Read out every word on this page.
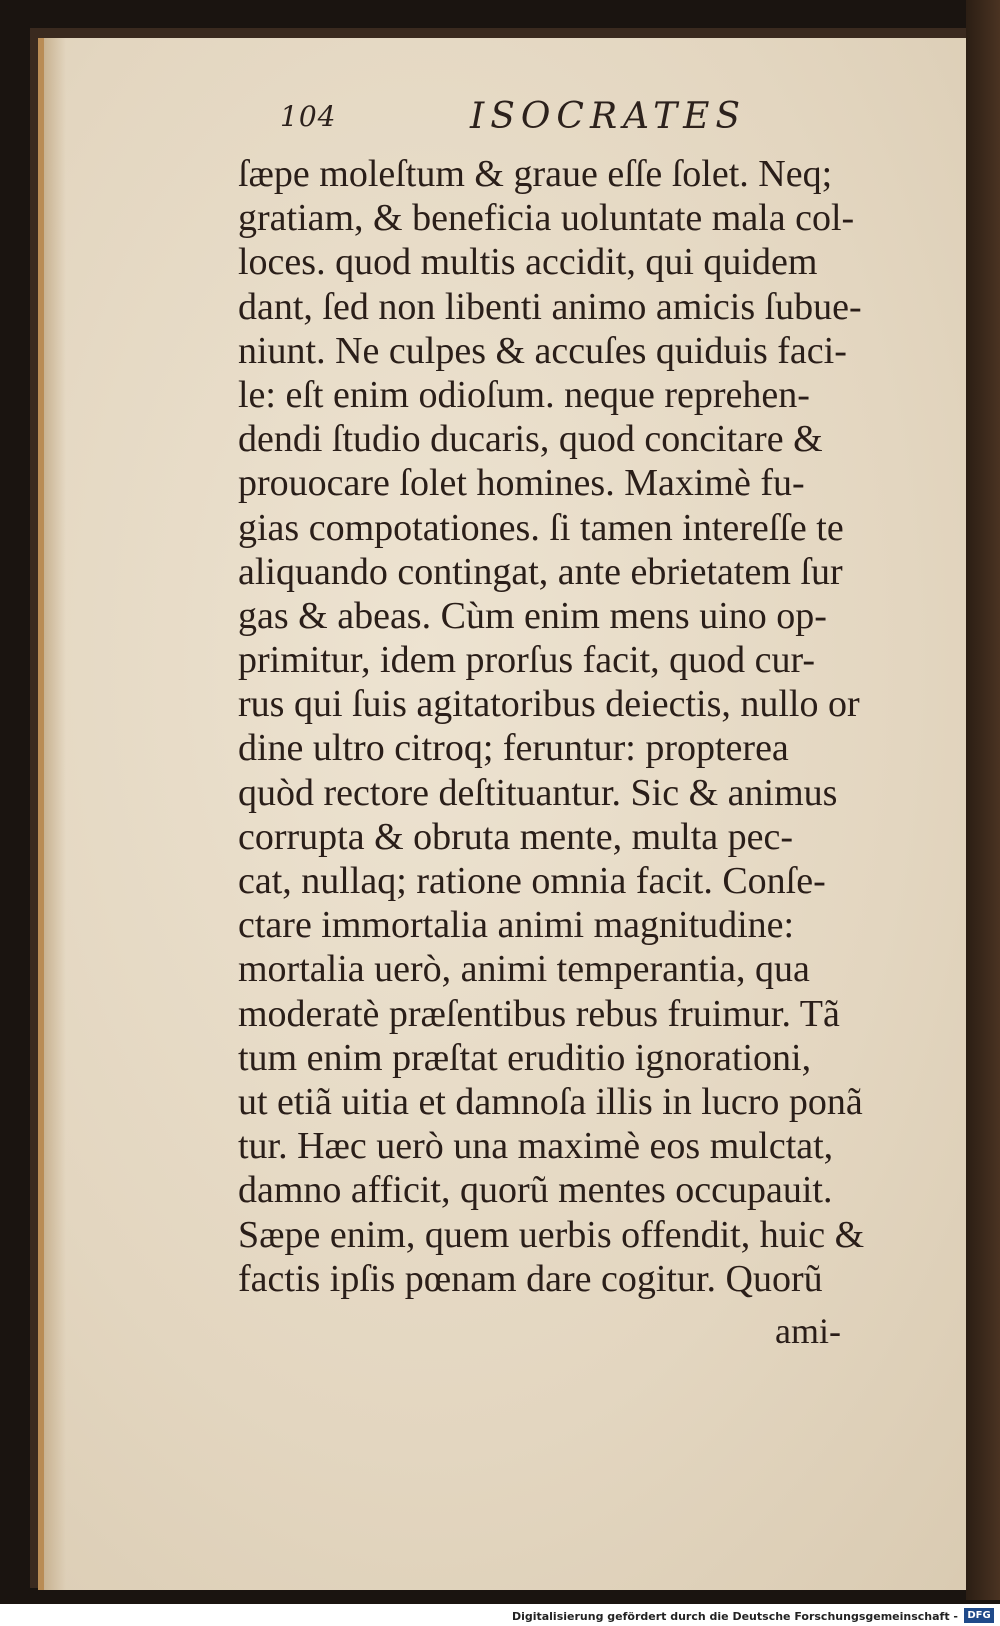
104	ISOCRATES
ſæpe moleſtum & graue eſſe ſolet. Neq;
gratiam, & beneficia uoluntate mala col-
loces. quod multis accidit, qui quidem
dant, ſed non libenti animo amicis ſubue-
niunt. Ne culpes & accuſes quiduis faci-
le: eſt enim odioſum. neque reprehen-
dendi ſtudio ducaris, quod concitare &
prouocare ſolet homines. Maximè fu-
gias compotationes. ſi tamen intereſſe te
aliquando contingat, ante ebrietatem ſur
gas & abeas. Cùm enim mens uino op-
primitur, idem prorſus facit, quod cur-
rus qui ſuis agitatoribus deiectis, nullo or
dine ultro citroq; feruntur: propterea
quòd rectore deſtituantur. Sic & animus
corrupta & obruta mente, multa pec-
cat, nullaq; ratione omnia facit. Conſe-
ctare immortalia animi magnitudine:
mortalia uerò, animi temperantia, qua
moderatè præſentibus rebus fruimur. Tã
tum enim præſtat eruditio ignorationi,
ut etiã uitia et damnoſa illis in lucro ponã
tur. Hæc uerò una maximè eos mulctat,
damno afficit, quorũ mentes occupauit.
Sæpe enim, quem uerbis offendit, huic &
factis ipſis pœnam dare cogitur. Quorũ
ami-
Digitalisierung gefördert durch die Deutsche Forschungsgemeinschaft - DFG
